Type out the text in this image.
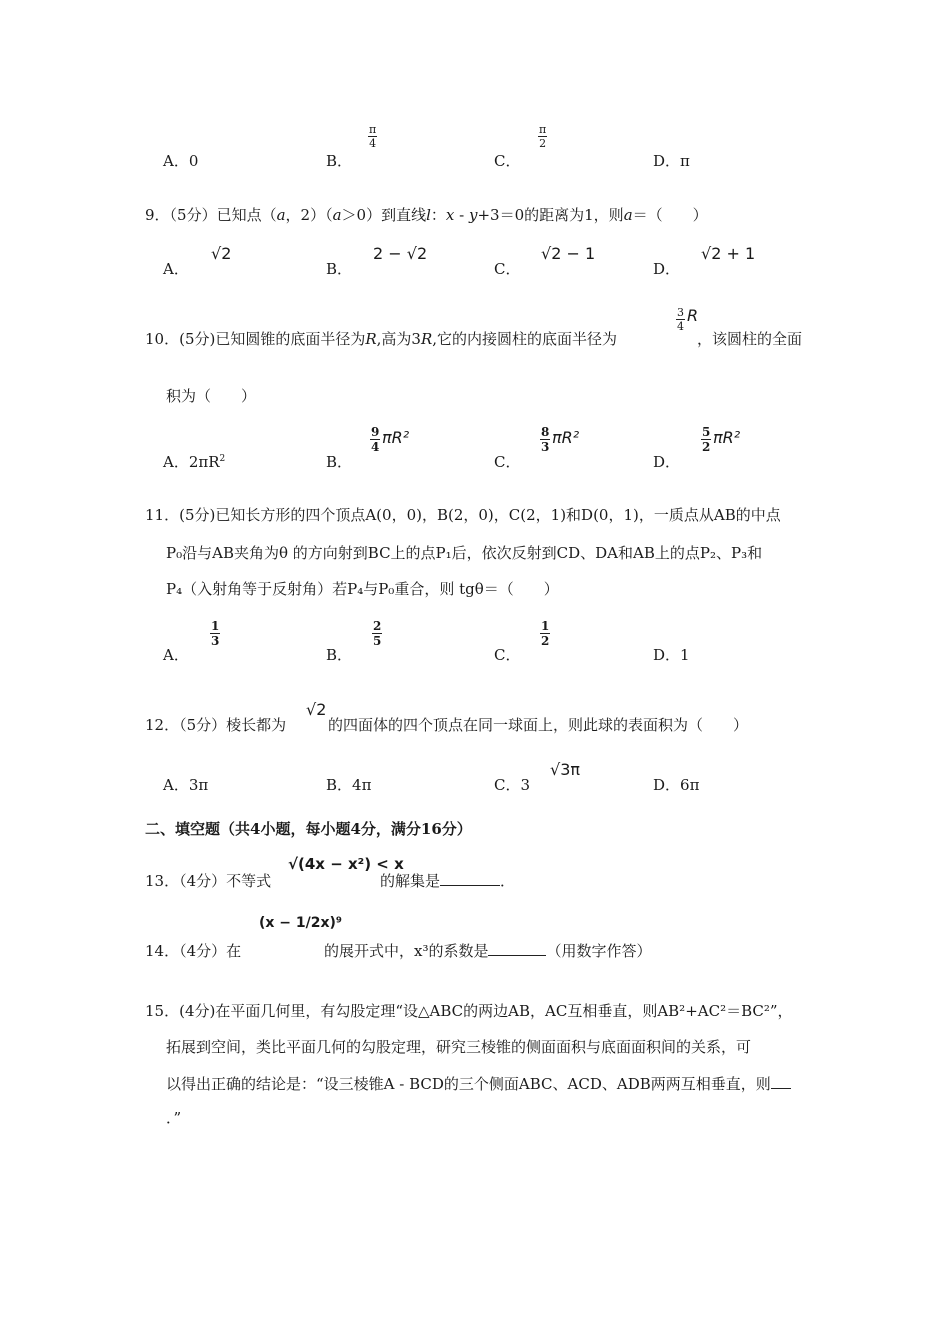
A．0	B．
$\frac{\pi}{4}$
C．
$\frac{\pi}{2}$
D．π
9．（5分）已知点（a，2）（a＞0）到直线l：x - y+3＝0的距离为1，则a＝（　　）
A．
√2
B．
2 − √2
C．
√2 − 1
D．
√2 + 1
10．(5分)已知圆锥的底面半径为R,高为3R,它的内接圆柱的底面半径为
$\frac{3}{4}$ R
，该圆柱的全面
积为（　　）
A．$2\pi R^2$	B．
$\frac{9}{4} \pi R^2$
C．
$\frac{8}{3} \pi R^2$
D．
$\frac{5}{2} \pi R^2$
11．(5分)已知长方形的四个顶点A(0，0)，B(2，0)，C(2，1)和D(0，1)，一质点从AB的中点
P₀沿与AB夹角为θ 的方向射到BC上的点P₁后，依次反射到CD、DA和AB上的点P₂、P₃和
P₄（入射角等于反射角）若P₄与P₀重合，则 tgθ＝（　　）
A．
$\frac{1}{3}$
B．
$\frac{2}{5}$
C．
$\frac{1}{2}$
D．1
12．（5分）棱长都为
√2
的四面体的四个顶点在同一球面上，则此球的表面积为（　　）
A．3π	B．4π	C．3
√3π
D．6π
二、填空题（共4小题，每小题4分，满分16分）
13．（4分）不等式
√(4x − x²) < x
的解集是	．
14．（4分）在
(x − 1/2x)⁹
的展开式中，x³的系数是	（用数字作答）
15．(4分)在平面几何里，有勾股定理“设△ABC的两边AB，AC互相垂直，则AB²+AC²＝BC²”，
拓展到空间，类比平面几何的勾股定理，研究三棱锥的侧面面积与底面面积间的关系，可
以得出正确的结论是：“设三棱锥A - BCD的三个侧面ABC、ACD、ADB两两互相垂直，则
．”
